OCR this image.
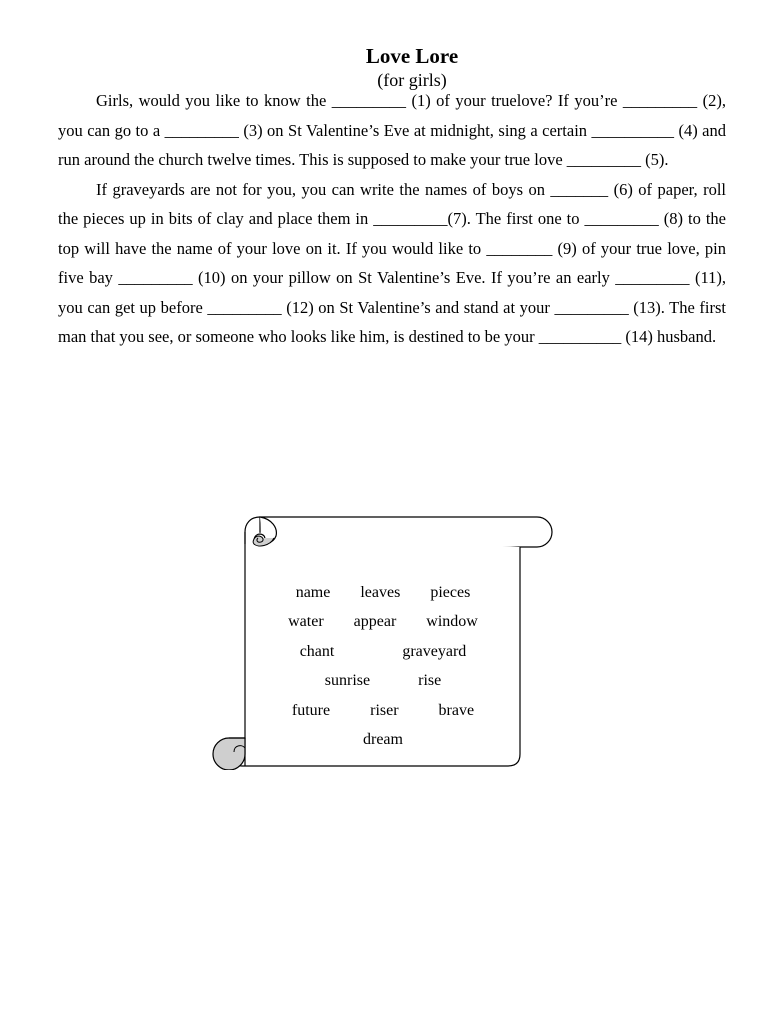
Love Lore
(for girls)

Girls, would you like to know the _________ (1) of your truelove? If you’re _________ (2), you can go to a _________ (3) on St Valentine’s Eve at midnight, sing a certain __________ (4) and run around the church twelve times. This is supposed to make your true love _________ (5).

If graveyards are not for you, you can write the names of boys on _______ (6) of paper, roll the pieces up in bits of clay and place them in _________(7). The first one to _________ (8) to the top will have the name of your love on it. If you would like to ________ (9) of your true love, pin five bay _________ (10) on your pillow on St Valentine’s Eve. If you’re an early _________ (11), you can get up before _________ (12) on St Valentine’s and stand at your _________ (13). The first man that you see, or someone who looks like him, is destined to be your __________ (14) husband.

name leaves pieces
water appear window
chant	graveyard
sunrise	rise
future	riser	brave
dream
